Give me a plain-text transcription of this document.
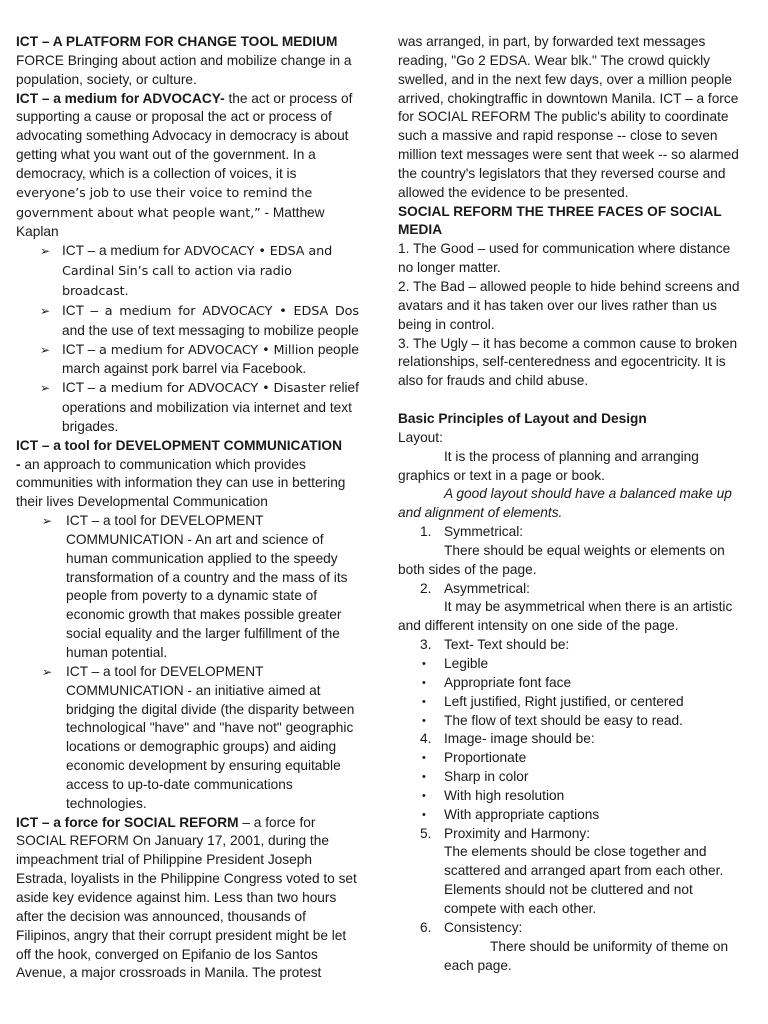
ICT – A PLATFORM FOR CHANGE TOOL MEDIUM

FORCE Bringing about action and mobilize change in a population, society, or culture.

ICT – a medium for ADVOCACY- the act or process of supporting a cause or proposal the act or process of advocating something Advocacy in democracy is about getting what you want out of the government. In a democracy, which is a collection of voices, it is everyone’s job to use their voice to remind the government about what people want,” - Matthew Kaplan

➢ ICT – a medium for ADVOCACY • EDSA and Cardinal Sin’s call to action via radio broadcast.
➢ ICT – a medium for ADVOCACY • EDSA Dos and the use of text messaging to mobilize people
➢ ICT – a medium for ADVOCACY • Million people march against pork barrel via Facebook.
➢ ICT – a medium for ADVOCACY • Disaster relief operations and mobilization via internet and text brigades.

ICT – a tool for DEVELOPMENT COMMUNICATION

- an approach to communication which provides communities with information they can use in bettering their lives Developmental Communication

➢ ICT – a tool for DEVELOPMENT COMMUNICATION - An art and science of human communication applied to the speedy transformation of a country and the mass of its people from poverty to a dynamic state of economic growth that makes possible greater social equality and the larger fulfillment of the human potential.
➢ ICT – a tool for DEVELOPMENT COMMUNICATION - an initiative aimed at bridging the digital divide (the disparity between technological "have" and "have not" geographic locations or demographic groups) and aiding economic development by ensuring equitable access to up-to-date communications technologies.

ICT – a force for SOCIAL REFORM – a force for SOCIAL REFORM On January 17, 2001, during the impeachment trial of Philippine President Joseph Estrada, loyalists in the Philippine Congress voted to set aside key evidence against him. Less than two hours after the decision was announced, thousands of Filipinos, angry that their corrupt president might be let off the hook, converged on Epifanio de los Santos Avenue, a major crossroads in Manila. The protest

was arranged, in part, by forwarded text messages reading, "Go 2 EDSA. Wear blk." The crowd quickly swelled, and in the next few days, over a million people arrived, chokingtraffic in downtown Manila. ICT – a force for SOCIAL REFORM The public's ability to coordinate such a massive and rapid response -- close to seven million text messages were sent that week -- so alarmed the country's legislators that they reversed course and allowed the evidence to be presented.

SOCIAL REFORM THE THREE FACES OF SOCIAL MEDIA

1. The Good – used for communication where distance no longer matter.

2. The Bad – allowed people to hide behind screens and avatars and it has taken over our lives rather than us being in control.

3. The Ugly – it has become a common cause to broken relationships, self-centeredness and egocentricity. It is also for frauds and child abuse.

Basic Principles of Layout and Design

Layout:

It is the process of planning and arranging graphics or text in a page or book.

A good layout should have a balanced make up and alignment of elements.

1. Symmetrical:

There should be equal weights or elements on both sides of the page.

2. Asymmetrical:

It may be asymmetrical when there is an artistic and different intensity on one side of the page.

3. Text- Text should be:
• Legible
• Appropriate font face
• Left justified, Right justified, or centered
• The flow of text should be easy to read.
4. Image- image should be:
• Proportionate
• Sharp in color
• With high resolution
• With appropriate captions
5. Proximity and Harmony:

The elements should be close together and scattered and arranged apart from each other. Elements should not be cluttered and not compete with each other.

6. Consistency:

There should be uniformity of theme on each page.
